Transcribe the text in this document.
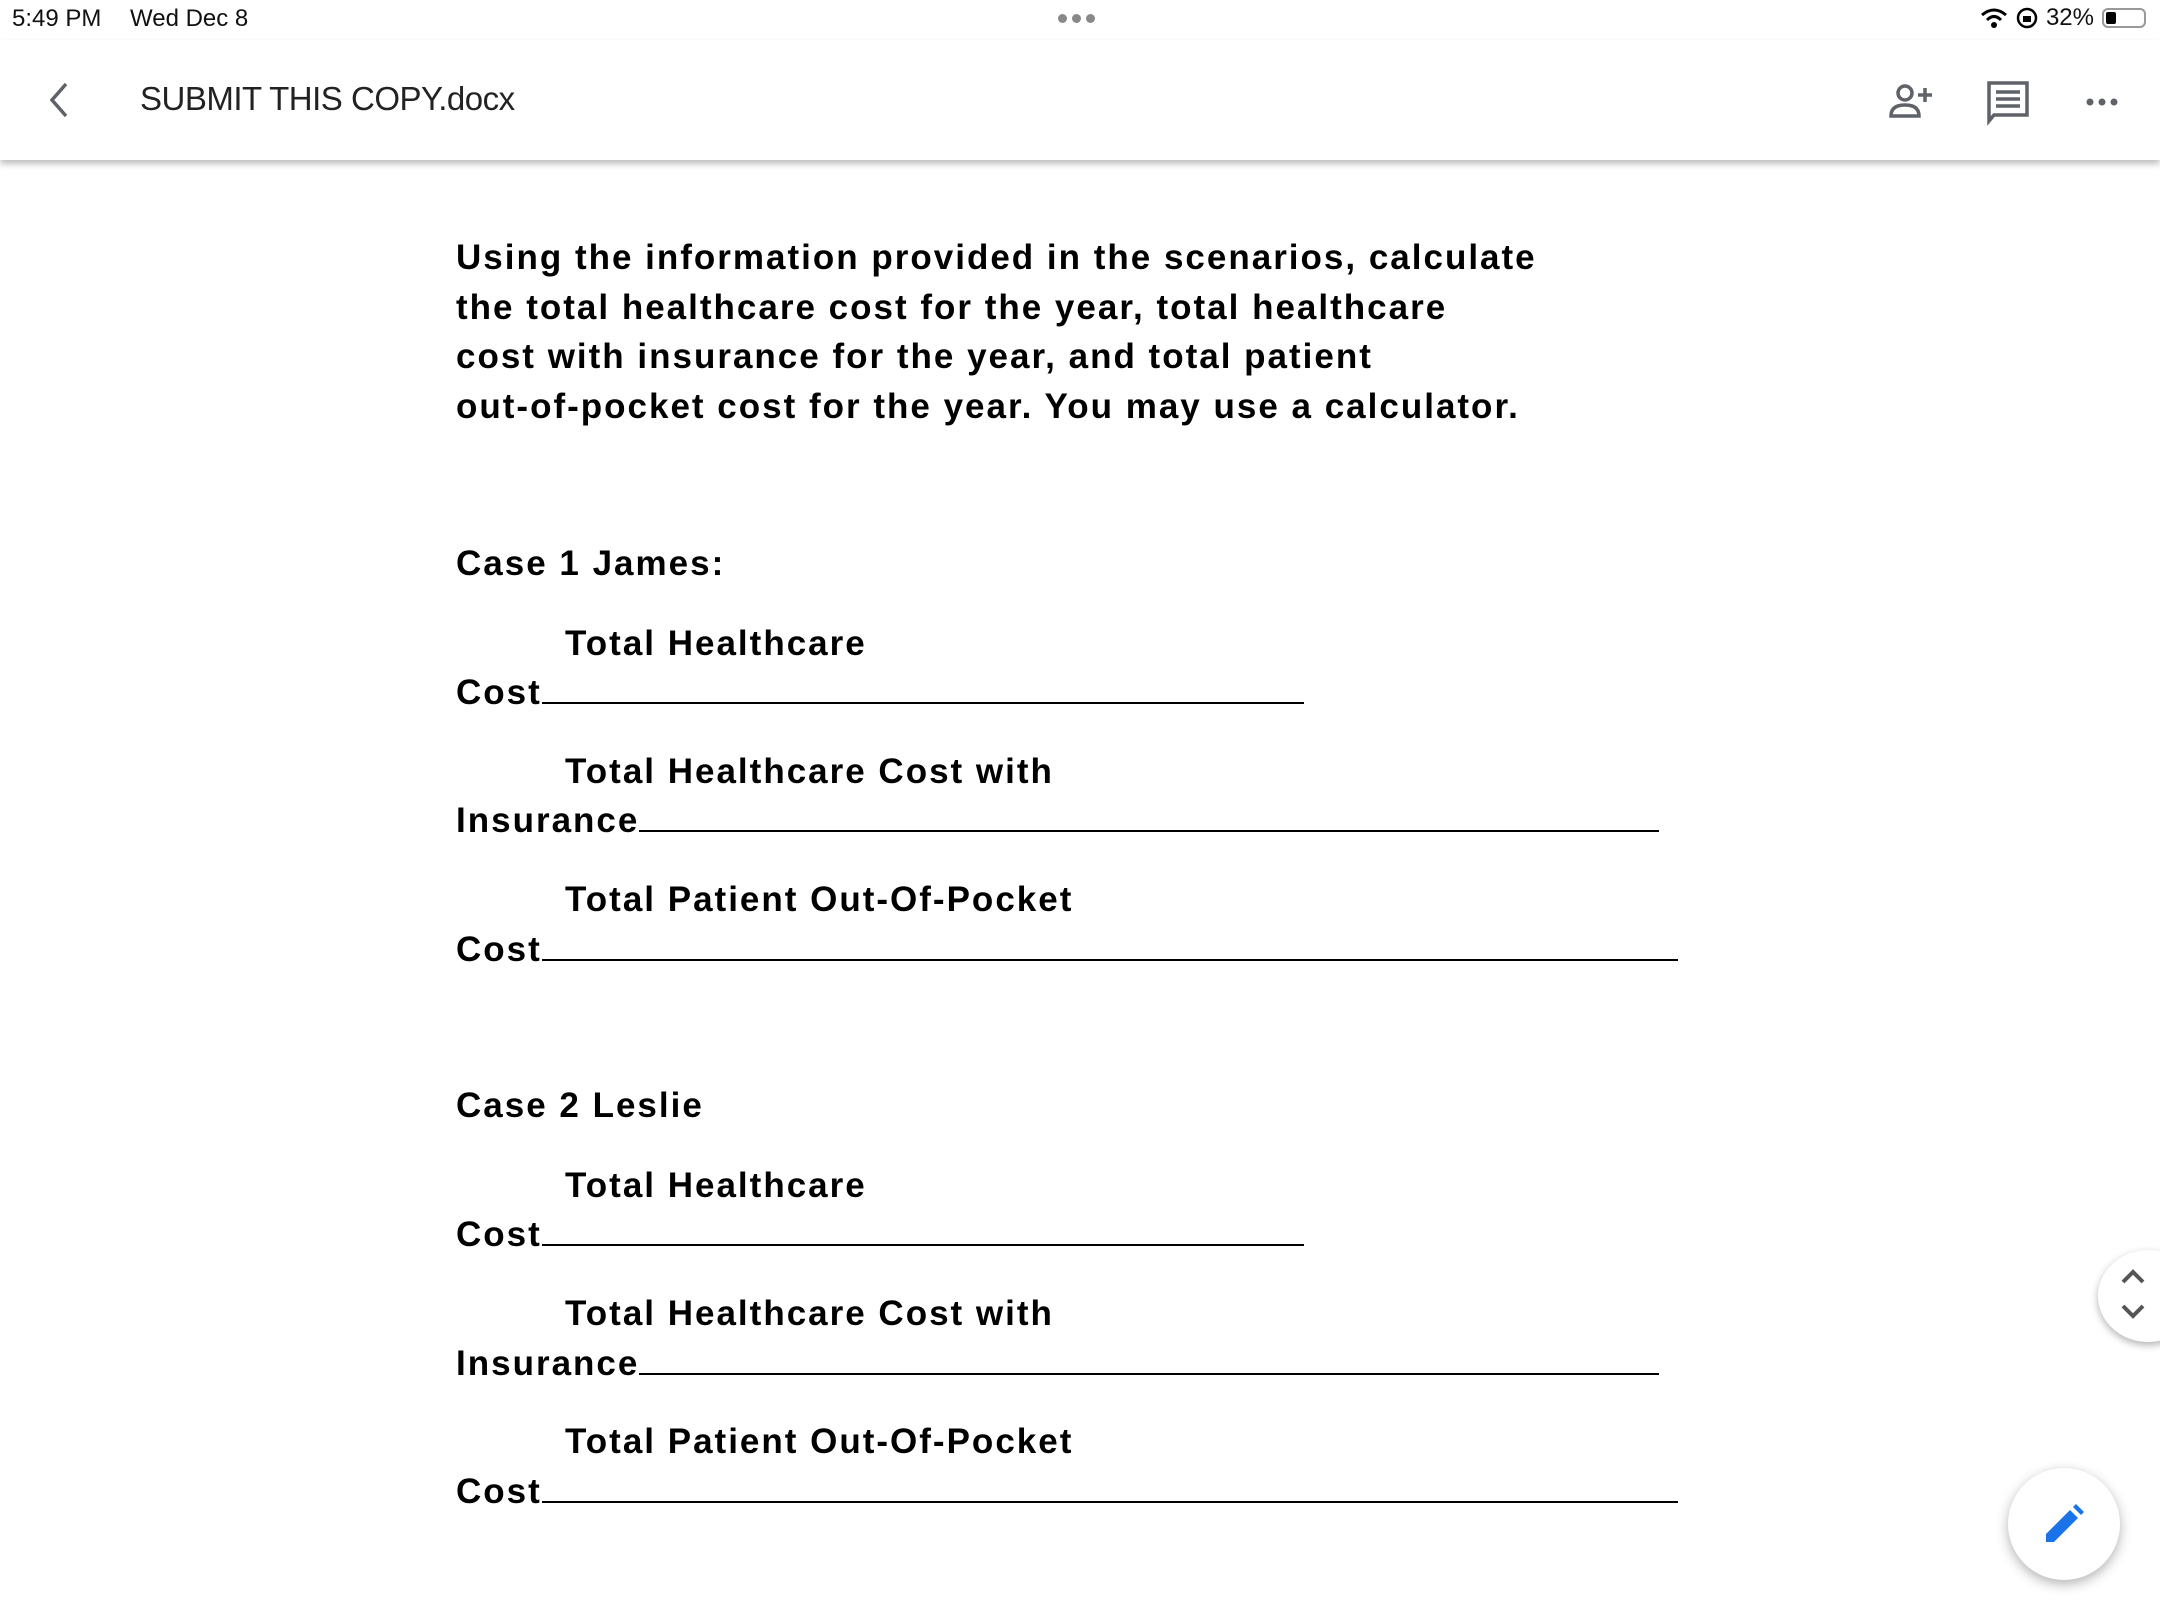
5:49 PM Wed Dec 8	32%
SUBMIT THIS COPY.docx
Using the information provided in the scenarios, calculate
the total healthcare cost for the year, total healthcare
cost with insurance for the year, and total patient
out-of-pocket cost for the year. You may use a calculator.
Case 1 James:
Total Healthcare
Cost
Total Healthcare Cost with
Insurance
Total Patient Out-Of-Pocket
Cost
Case 2 Leslie
Total Healthcare
Cost
Total Healthcare Cost with
Insurance
Total Patient Out-Of-Pocket
Cost
